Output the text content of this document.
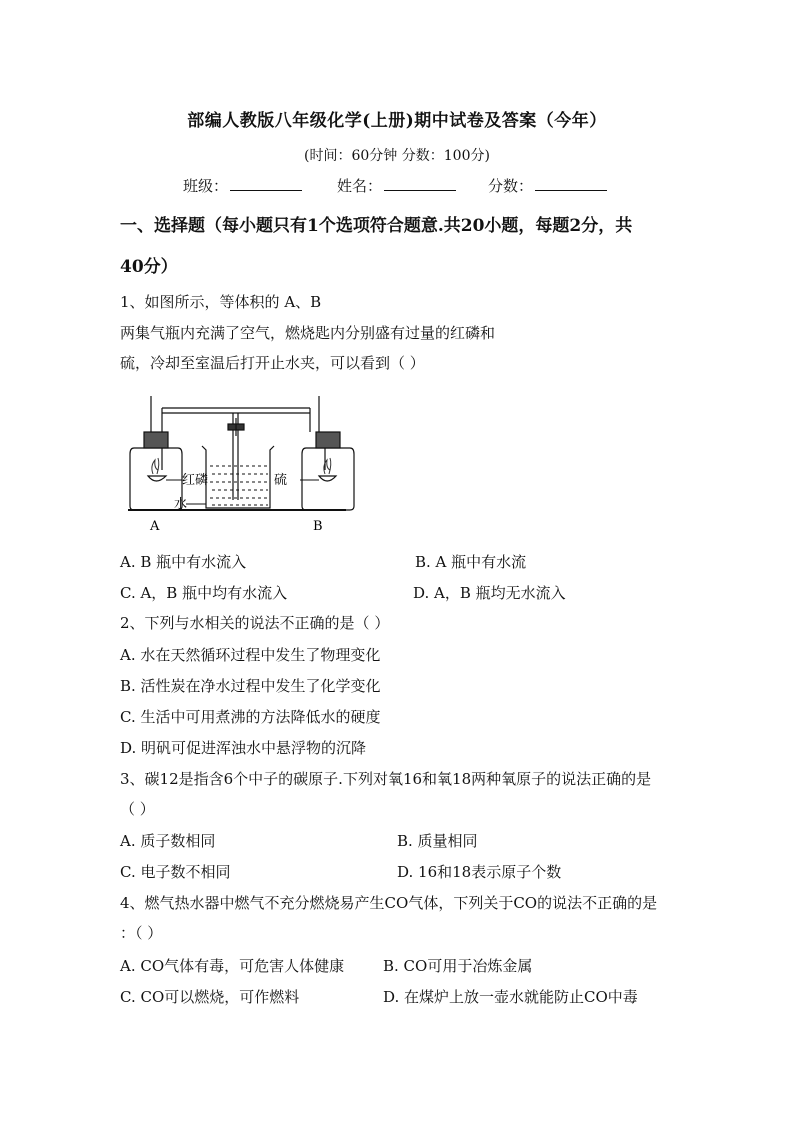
部编人教版八年级化学(上册)期中试卷及答案（今年）
(时间：60分钟 分数：100分)
班级：	姓名：	分数：
一、选择题（每小题只有1个选项符合题意.共20小题，每题2分，共
40分）
1、如图所示，等体积的 A、B
两集气瓶内充满了空气，燃烧匙内分别盛有过量的红磷和
硫，冷却至室温后打开止水夹，可以看到（ ）
红磷
水
硫
A	B
A. B 瓶中有水流入	B. A 瓶中有水流
C. A，B 瓶中均有水流入	D. A，B 瓶均无水流入
2、下列与水相关的说法不正确的是（ ）
A. 水在天然循环过程中发生了物理变化
B. 活性炭在净水过程中发生了化学变化
C. 生活中可用煮沸的方法降低水的硬度
D. 明矾可促进浑浊水中悬浮物的沉降
3、碳12是指含6个中子的碳原子.下列对氧16和氧18两种氧原子的说法正确的是
（ ）
A. 质子数相同	B. 质量相同
C. 电子数不相同	D. 16和18表示原子个数
4、燃气热水器中燃气不充分燃烧易产生CO气体，下列关于CO的说法不正确的是
：（ ）
A. CO气体有毒，可危害人体健康	B. CO可用于冶炼金属
C. CO可以燃烧，可作燃料	D. 在煤炉上放一壶水就能防止CO中毒
